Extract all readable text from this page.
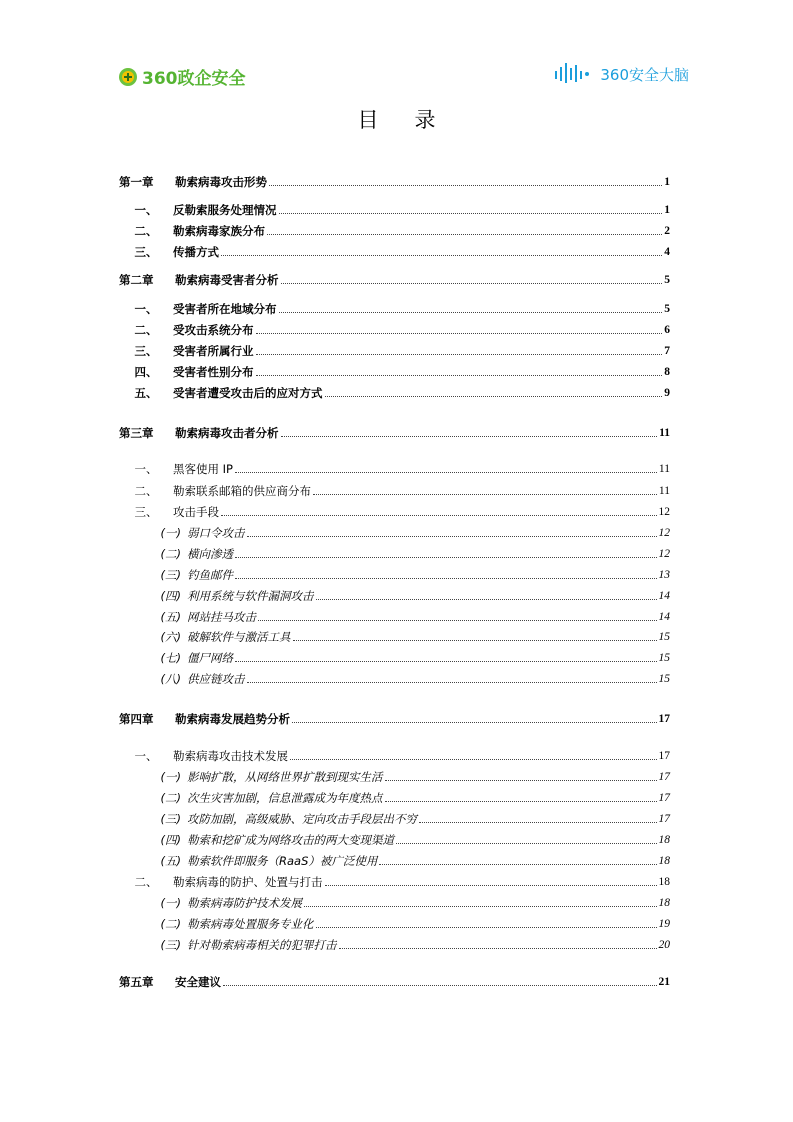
360政企安全	360安全大脑
目 录
第一章	勒索病毒攻击形势	1
一、	反勒索服务处理情况	1
二、	勒索病毒家族分布	2
三、	传播方式	4
第二章	勒索病毒受害者分析	5
一、	受害者所在地域分布	5
二、	受攻击系统分布	6
三、	受害者所属行业	7
四、	受害者性别分布	8
五、	受害者遭受攻击后的应对方式	9
第三章	勒索病毒攻击者分析	11
一、	黑客使用 IP	11
二、	勒索联系邮箱的供应商分布	11
三、	攻击手段	12
(一) 弱口令攻击	12
(二) 横向渗透	12
(三) 钓鱼邮件	13
(四) 利用系统与软件漏洞攻击	14
(五) 网站挂马攻击	14
(六) 破解软件与激活工具	15
(七) 僵尸网络	15
(八) 供应链攻击	15
第四章	勒索病毒发展趋势分析	17
一、	勒索病毒攻击技术发展	17
(一) 影响扩散，从网络世界扩散到现实生活	17
(二) 次生灾害加剧，信息泄露成为年度热点	17
(三) 攻防加剧，高级威胁、定向攻击手段层出不穷	17
(四) 勒索和挖矿成为网络攻击的两大变现渠道	18
(五) 勒索软件即服务（RaaS）被广泛使用	18
二、	勒索病毒的防护、处置与打击	18
(一) 勒索病毒防护技术发展	18
(二) 勒索病毒处置服务专业化	19
(三) 针对勒索病毒相关的犯罪打击	20
第五章	安全建议	21
